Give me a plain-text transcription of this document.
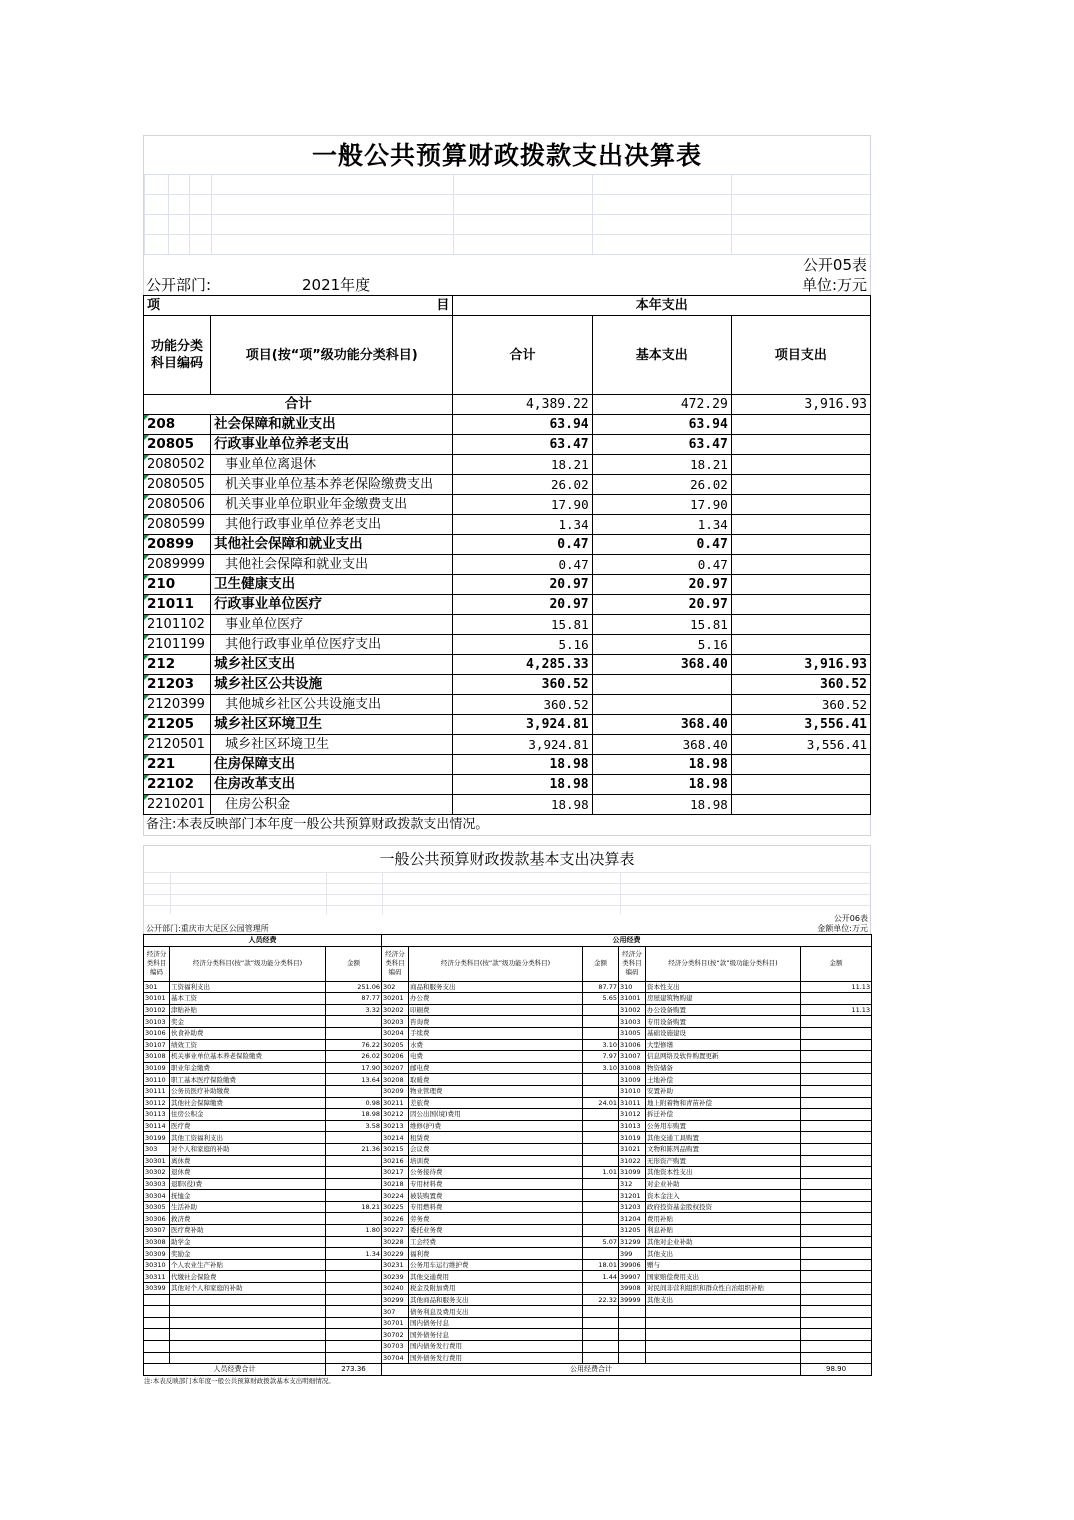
一般公共预算财政拨款支出决算表
公开05表
公开部门:	2021年度	单位:万元
项 目		本年支出		
功能分类科目编码	项目(按“项”级功能分类科目)	合计	基本支出	项目支出
合计		4,389.22	472.29	3,916.93
208	社会保障和就业支出	63.94	63.94	
20805	行政事业单位养老支出	63.47	63.47	
2080502	事业单位离退休	18.21	18.21	
2080505	机关事业单位基本养老保险缴费支出	26.02	26.02	
2080506	机关事业单位职业年金缴费支出	17.90	17.90	
2080599	其他行政事业单位养老支出	1.34	1.34	
20899	其他社会保障和就业支出	0.47	0.47	
2089999	其他社会保障和就业支出	0.47	0.47	
210	卫生健康支出	20.97	20.97	
21011	行政事业单位医疗	20.97	20.97	
2101102	事业单位医疗	15.81	15.81	
2101199	其他行政事业单位医疗支出	5.16	5.16	
212	城乡社区支出	4,285.33	368.40	3,916.93
21203	城乡社区公共设施	360.52		360.52
2120399	其他城乡社区公共设施支出	360.52		360.52
21205	城乡社区环境卫生	3,924.81	368.40	3,556.41
2120501	城乡社区环境卫生	3,924.81	368.40	3,556.41
221	住房保障支出	18.98	18.98	
22102	住房改革支出	18.98	18.98	
2210201	住房公积金	18.98	18.98	
备注:本表反映部门本年度一般公共预算财政拨款支出情况。
一般公共预算财政拨款基本支出决算表
公开06表
公开部门:重庆市大足区公园管理所	金额单位:万元
人员经费			公用经费					
经济分类科目编码	经济分类科目(按“款”级功能分类科目)	金额	经济分类科目编码	经济分类科目(按“款”级功能分类科目)	金额	经济分类科目编码	经济分类科目(按“款”级功能分类科目)	金额
301	工资福利支出	251.06	302	商品和服务支出	87.77	310	资本性支出	11.13
30101	基本工资	87.77	30201	办公费	5.65	31001	房屋建筑物购建	
30102	津贴补贴	3.32	30202	印刷费		31002	办公设备购置	11.13
30103	奖金		30203	咨询费		31003	专用设备购置	
30106	伙食补助费		30204	手续费		31005	基础设施建设	
30107	绩效工资	76.22	30205	水费	3.10	31006	大型修缮	
30108	机关事业单位基本养老保险缴费	26.02	30206	电费	7.97	31007	信息网络及软件购置更新	
30109	职业年金缴费	17.90	30207	邮电费	3.10	31008	物资储备	
30110	职工基本医疗保险缴费	13.64	30208	取暖费		31009	土地补偿	
30111	公务员医疗补助缴费		30209	物业管理费		31010	安置补助	
30112	其他社会保障缴费	0.98	30211	差旅费	24.01	31011	地上附着物和青苗补偿	
30113	住房公积金	18.98	30212	因公出国(境)费用		31012	拆迁补偿	
30114	医疗费	3.58	30213	维修(护)费		31013	公务用车购置	
30199	其他工资福利支出		30214	租赁费		31019	其他交通工具购置	
303	对个人和家庭的补助	21.36	30215	会议费		31021	文物和陈列品购置	
30301	离休费		30216	培训费		31022	无形资产购置	
30302	退休费		30217	公务接待费	1.01	31099	其他资本性支出	
30303	退职(役)费		30218	专用材料费		312	对企业补助	
30304	抚恤金		30224	被装购置费		31201	资本金注入	
30305	生活补助	18.21	30225	专用燃料费		31203	政府投资基金股权投资	
30306	救济费		30226	劳务费		31204	费用补贴	
30307	医疗费补助	1.80	30227	委托业务费		31205	利息补贴	
30308	助学金		30228	工会经费	5.07	31299	其他对企业补助	
30309	奖励金	1.34	30229	福利费		399	其他支出	
30310	个人农业生产补贴		30231	公务用车运行维护费	18.01	39906	赠与	
30311	代缴社会保险费		30239	其他交通费用	1.44	39907	国家赔偿费用支出	
30399	其他对个人和家庭的补助		30240	税金及附加费用		39908	对民间非营利组织和群众性自治组织补贴	
			30299	其他商品和服务支出	22.32	39999	其他支出	
			307	债务利息及费用支出				
			30701	国内债务付息				
			30702	国外债务付息				
			30703	国内债务发行费用				
			30704	国外债务发行费用				
人员经费合计		273.36	公用经费合计					98.90
注:本表反映部门本年度一般公共预算财政拨款基本支出明细情况。
